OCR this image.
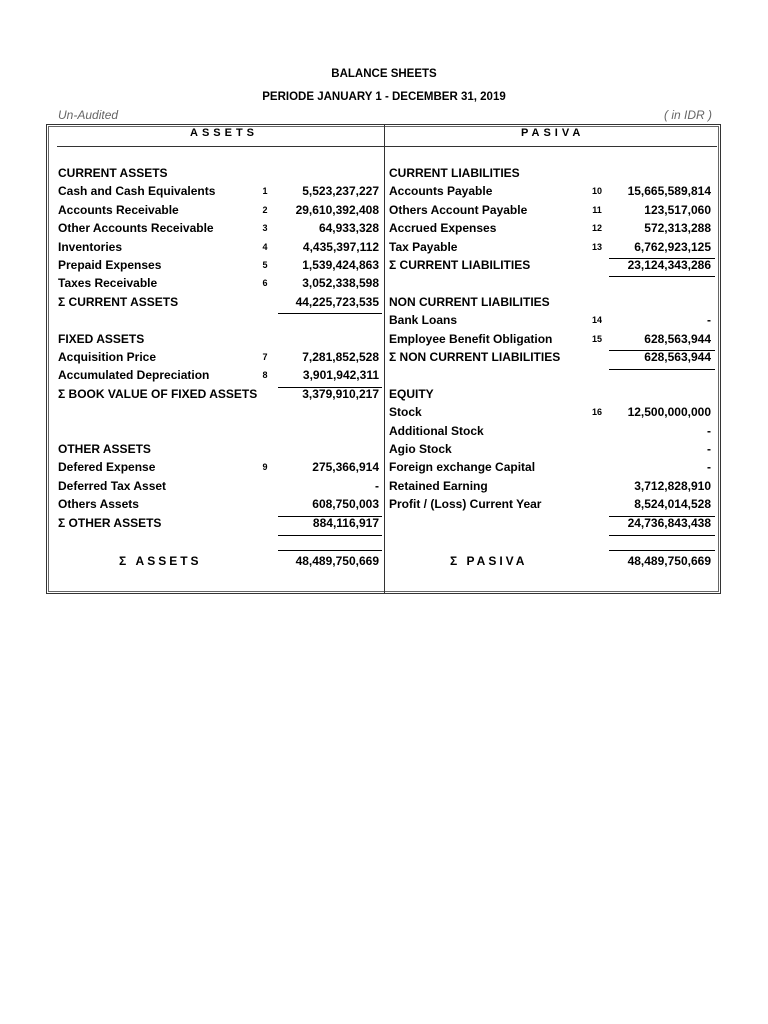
BALANCE SHEETS
PERIODE JANUARY 1 - DECEMBER 31, 2019
Un-Audited	( in IDR )
ASSETS	PASIVA
CURRENT ASSETS
Cash and Cash Equivalents	1	5,523,237,227
Accounts Receivable	2	29,610,392,408
Other Accounts Receivable	3	64,933,328
Inventories	4	4,435,397,112
Prepaid Expenses	5	1,539,424,863
Taxes Receivable	6	3,052,338,598
Σ CURRENT ASSETS	44,225,723,535
FIXED ASSETS
Acquisition Price	7	7,281,852,528
Accumulated Depreciation	8	3,901,942,311
Σ BOOK VALUE OF FIXED ASSETS	3,379,910,217
OTHER ASSETS
Defered Expense	9	275,366,914
Deferred Tax Asset	-
Others Assets	608,750,003
Σ OTHER ASSETS	884,116,917
CURRENT LIABILITIES
Accounts Payable	10	15,665,589,814
Others Account Payable	11	123,517,060
Accrued Expenses	12	572,313,288
Tax Payable	13	6,762,923,125
Σ CURRENT LIABILITIES	23,124,343,286
NON CURRENT LIABILITIES
Bank Loans	14	-
Employee Benefit Obligation	15	628,563,944
Σ NON CURRENT LIABILITIES	628,563,944
EQUITY
Stock	16	12,500,000,000
Additional Stock	-
Agio Stock	-
Foreign exchange Capital	-
Retained Earning	3,712,828,910
Profit / (Loss) Current Year	8,524,014,528
24,736,843,438
Σ ASSETS	48,489,750,669	Σ PASIVA	48,489,750,669
